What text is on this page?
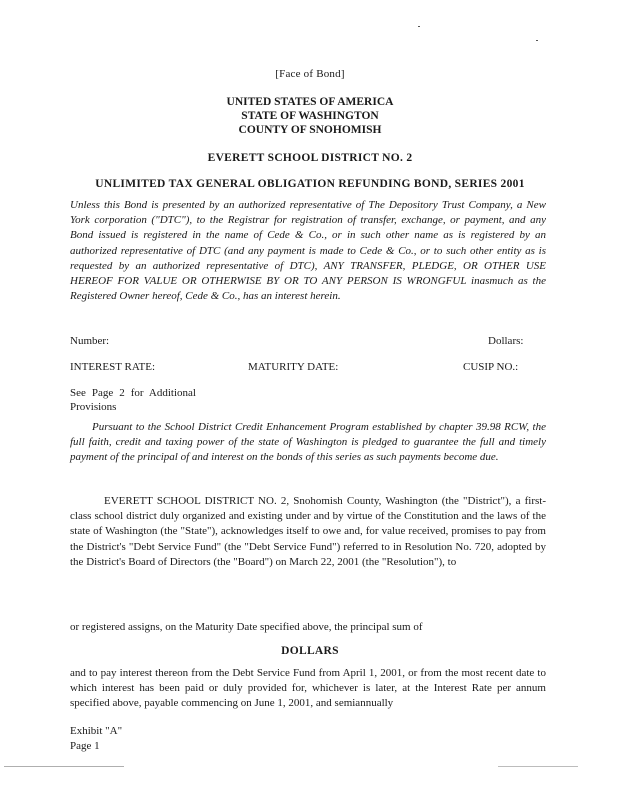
[Face of Bond]
UNITED STATES OF AMERICA
STATE OF WASHINGTON
COUNTY OF SNOHOMISH
EVERETT SCHOOL DISTRICT NO. 2
UNLIMITED TAX GENERAL OBLIGATION REFUNDING BOND, SERIES 2001
Unless this Bond is presented by an authorized representative of The Depository Trust Company, a New York corporation ("DTC"), to the Registrar for registration of transfer, exchange, or payment, and any Bond issued is registered in the name of Cede & Co., or in such other name as is registered by an authorized representative of DTC (and any payment is made to Cede & Co., or to such other entity as is requested by an authorized representative of DTC), ANY TRANSFER, PLEDGE, OR OTHER USE HEREOF FOR VALUE OR OTHERWISE BY OR TO ANY PERSON IS WRONGFUL inasmuch as the Registered Owner hereof, Cede & Co., has an interest herein.
Number:	Dollars:
INTEREST RATE:	MATURITY DATE:	CUSIP NO.:
See Page 2 for Additional Provisions
Pursuant to the School District Credit Enhancement Program established by chapter 39.98 RCW, the full faith, credit and taxing power of the state of Washington is pledged to guarantee the full and timely payment of the principal of and interest on the bonds of this series as such payments become due.
EVERETT SCHOOL DISTRICT NO. 2, Snohomish County, Washington (the "District"), a first-class school district duly organized and existing under and by virtue of the Constitution and the laws of the state of Washington (the "State"), acknowledges itself to owe and, for value received, promises to pay from the District's "Debt Service Fund" (the "Debt Service Fund") referred to in Resolution No. 720, adopted by the District's Board of Directors (the "Board") on March 22, 2001 (the "Resolution"), to
or registered assigns, on the Maturity Date specified above, the principal sum of
DOLLARS
and to pay interest thereon from the Debt Service Fund from April 1, 2001, or from the most recent date to which interest has been paid or duly provided for, whichever is later, at the Interest Rate per annum specified above, payable commencing on June 1, 2001, and semiannually
Exhibit "A"
Page 1
